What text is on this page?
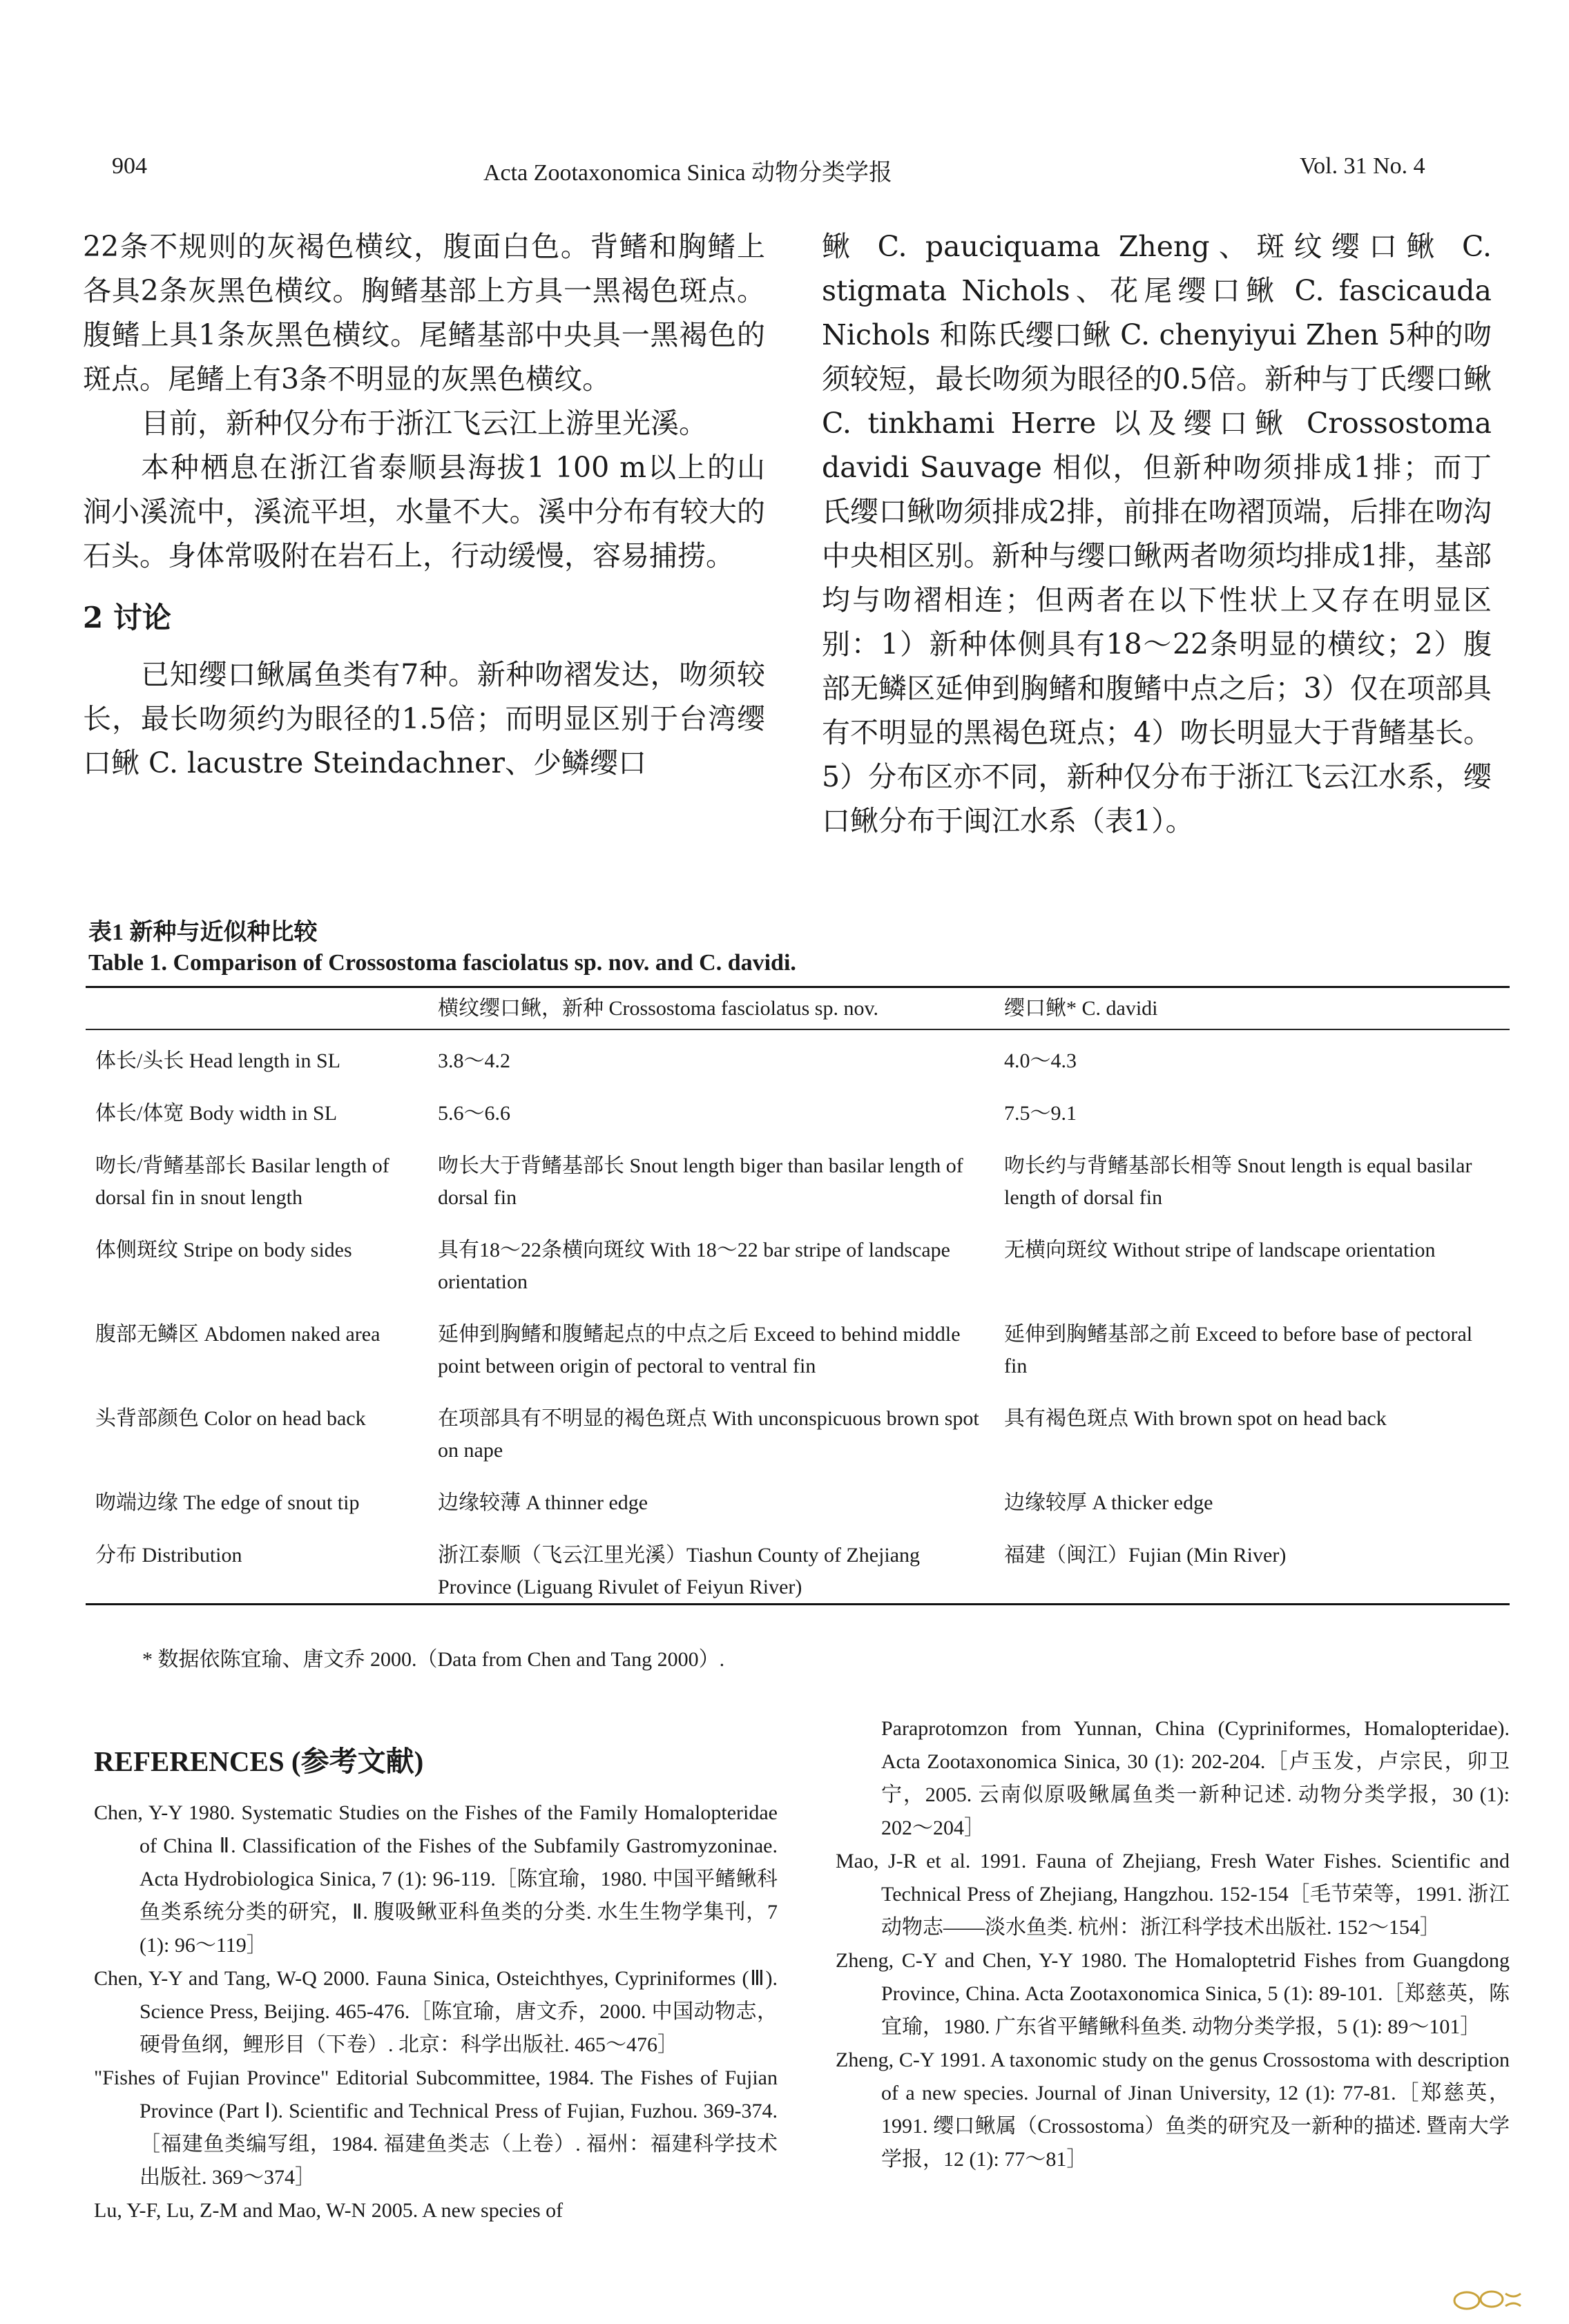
904	Acta Zootaxonomica Sinica 动物分类学报	Vol. 31 No. 4

22条不规则的灰褐色横纹，腹面白色。背鳍和胸鳍上各具2条灰黑色横纹。胸鳍基部上方具一黑褐色斑点。腹鳍上具1条灰黑色横纹。尾鳍基部中央具一黑褐色的斑点。尾鳍上有3条不明显的灰黑色横纹。

目前，新种仅分布于浙江飞云江上游里光溪。

本种栖息在浙江省泰顺县海拔1 100 m以上的山涧小溪流中，溪流平坦，水量不大。溪中分布有较大的石头。身体常吸附在岩石上，行动缓慢，容易捕捞。

2 讨论

已知缨口鳅属鱼类有7种。新种吻褶发达，吻须较长，最长吻须约为眼径的1.5倍；而明显区别于台湾缨口鳅 C. lacustre Steindachner、少鳞缨口

鳅 C. pauciquama Zheng、斑纹缨口鳅 C. stigmata Nichols、花尾缨口鳅 C. fascicauda Nichols 和陈氏缨口鳅 C. chenyiyui Zhen 5种的吻须较短，最长吻须为眼径的0.5倍。新种与丁氏缨口鳅 C. tinkhami Herre 以及缨口鳅 Crossostoma davidi Sauvage 相似，但新种吻须排成1排；而丁氏缨口鳅吻须排成2排，前排在吻褶顶端，后排在吻沟中央相区别。新种与缨口鳅两者吻须均排成1排，基部均与吻褶相连；但两者在以下性状上又存在明显区别：1）新种体侧具有18～22条明显的横纹；2）腹部无鳞区延伸到胸鳍和腹鳍中点之后；3）仅在项部具有不明显的黑褐色斑点；4）吻长明显大于背鳍基长。5）分布区亦不同，新种仅分布于浙江飞云江水系，缨口鳅分布于闽江水系（表1）。

表1 新种与近似种比较
Table 1. Comparison of Crossostoma fasciolatus sp. nov. and C. davidi.
	横纹缨口鳅，新种 Crossostoma fasciolatus sp. nov.	缨口鳅* C. davidi
体长/头长 Head length in SL	3.8～4.2	4.0～4.3
体长/体宽 Body width in SL	5.6～6.6	7.5～9.1
吻长/背鳍基部长 Basilar length of dorsal fin in snout length	吻长大于背鳍基部长 Snout length biger than basilar length of dorsal fin	吻长约与背鳍基部长相等 Snout length is equal basilar length of dorsal fin
体侧斑纹 Stripe on body sides	具有18～22条横向斑纹 With 18～22 bar stripe of landscape orientation	无横向斑纹 Without stripe of landscape orientation
腹部无鳞区 Abdomen naked area	延伸到胸鳍和腹鳍起点的中点之后 Exceed to behind middle point between origin of pectoral to ventral fin	延伸到胸鳍基部之前 Exceed to before base of pectoral fin
头背部颜色 Color on head back	在项部具有不明显的褐色斑点 With unconspicuous brown spot on nape	具有褐色斑点 With brown spot on head back
吻端边缘 The edge of snout tip	边缘较薄 A thinner edge	边缘较厚 A thicker edge
分布 Distribution	浙江泰顺（飞云江里光溪）Tiashun County of Zhejiang Province (Liguang Rivulet of Feiyun River)	福建（闽江）Fujian (Min River)
* 数据依陈宜瑜、唐文乔 2000.（Data from Chen and Tang 2000）.
REFERENCES (参考文献)

Chen, Y-Y 1980. Systematic Studies on the Fishes of the Family Homalopteridae of China Ⅱ. Classification of the Fishes of the Subfamily Gastromyzoninae. Acta Hydrobiologica Sinica, 7 (1): 96-119.［陈宜瑜，1980. 中国平鳍鳅科鱼类系统分类的研究，Ⅱ. 腹吸鳅亚科鱼类的分类. 水生生物学集刊，7 (1): 96～119］

Chen, Y-Y and Tang, W-Q 2000. Fauna Sinica, Osteichthyes, Cypriniformes (Ⅲ). Science Press, Beijing. 465-476.［陈宜瑜，唐文乔，2000. 中国动物志，硬骨鱼纲，鲤形目（下卷）. 北京：科学出版社. 465～476］

"Fishes of Fujian Province" Editorial Subcommittee, 1984. The Fishes of Fujian Province (Part Ⅰ). Scientific and Technical Press of Fujian, Fuzhou. 369-374.［福建鱼类编写组，1984. 福建鱼类志（上卷）. 福州：福建科学技术出版社. 369～374］

Lu, Y-F, Lu, Z-M and Mao, W-N 2005. A new species of

Paraprotomzon from Yunnan, China (Cypriniformes, Homalopteridae). Acta Zootaxonomica Sinica, 30 (1): 202-204.［卢玉发，卢宗民，卯卫宁，2005. 云南似原吸鳅属鱼类一新种记述. 动物分类学报，30 (1): 202～204］

Mao, J-R et al. 1991. Fauna of Zhejiang, Fresh Water Fishes. Scientific and Technical Press of Zhejiang, Hangzhou. 152-154［毛节荣等，1991. 浙江动物志——淡水鱼类. 杭州：浙江科学技术出版社. 152～154］

Zheng, C-Y and Chen, Y-Y 1980. The Homaloptetrid Fishes from Guangdong Province, China. Acta Zootaxonomica Sinica, 5 (1): 89-101.［郑慈英，陈宜瑜，1980. 广东省平鳍鳅科鱼类. 动物分类学报，5 (1): 89～101］

Zheng, C-Y 1991. A taxonomic study on the genus Crossostoma with description of a new species. Journal of Jinan University, 12 (1): 77-81.［郑慈英，1991. 缨口鳅属（Crossostoma）鱼类的研究及一新种的描述. 暨南大学学报，12 (1): 77～81］
